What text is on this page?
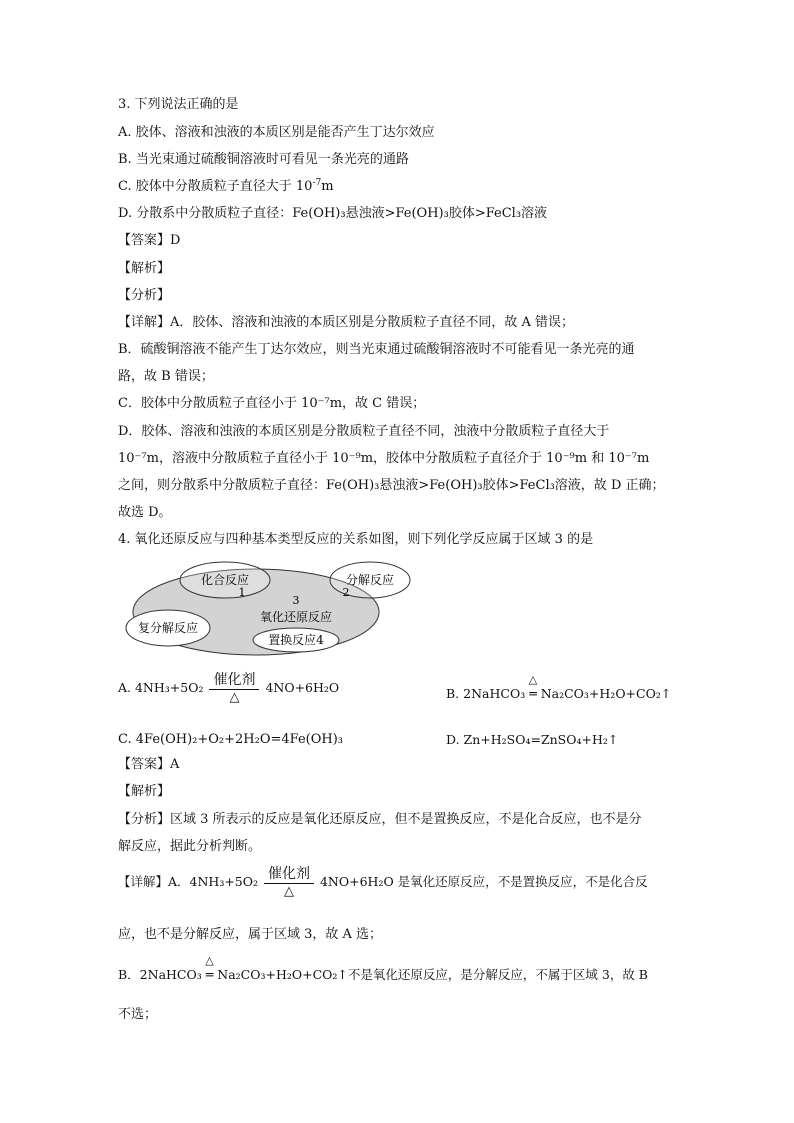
3. 下列说法正确的是
A. 胶体、溶液和浊液的本质区别是能否产生丁达尔效应
B. 当光束通过硫酸铜溶液时可看见一条光亮的通路
C. 胶体中分散质粒子直径大于 $10^{-7}m$
D. 分散系中分散质粒子直径：Fe(OH)₃悬浊液>Fe(OH)₃胶体>FeCl₃溶液
【答案】D
【解析】
【分析】
【详解】A．胶体、溶液和浊液的本质区别是分散质粒子直径不同，故 A 错误；
B．硫酸铜溶液不能产生丁达尔效应，则当光束通过硫酸铜溶液时不可能看见一条光亮的通
路，故 B 错误；
C．胶体中分散质粒子直径小于 10⁻⁷m，故 C 错误；
D．胶体、溶液和浊液的本质区别是分散质粒子直径不同，浊液中分散质粒子直径大于
10⁻⁷m，溶液中分散质粒子直径小于 10⁻⁹m，胶体中分散质粒子直径介于 10⁻⁹m 和 10⁻⁷m
之间，则分散系中分散质粒子直径：Fe(OH)₃悬浊液>Fe(OH)₃胶体>FeCl₃溶液，故 D 正确；
故选 D。
4. 氧化还原反应与四种基本类型反应的关系如图，则下列化学反应属于区域 3 的是
化合反应	分解反应
复分解反应
氧化还原反应
置换反应4
1	2
3
A. $4NH_3+5O_2 \frac{\text{催化剂}}{\triangle} 4NO+6H_2O$	B. 2NaHCO₃
△
═ Na₂CO₃+H₂O+CO₂↑
C. 4Fe(OH)₂+O₂+2H₂O=4Fe(OH)₃	D. Zn+H₂SO₄=ZnSO₄+H₂↑
【答案】A
【解析】
【分析】区域 3 所表示的反应是氧化还原反应，但不是置换反应，不是化合反应，也不是分
解反应，据此分析判断。
【详解】A．$4NH_3+5O_2 \frac{\text{催化剂}}{\triangle} 4NO+6H_2O$ 是氧化还原反应，不是置换反应，不是化合反
应，也不是分解反应，属于区域 3，故 A 选；
B．2NaHCO₃
△
═ Na₂CO₃+H₂O+CO₂↑不是氧化还原反应，是分解反应，不属于区域 3，故 B
不选；
